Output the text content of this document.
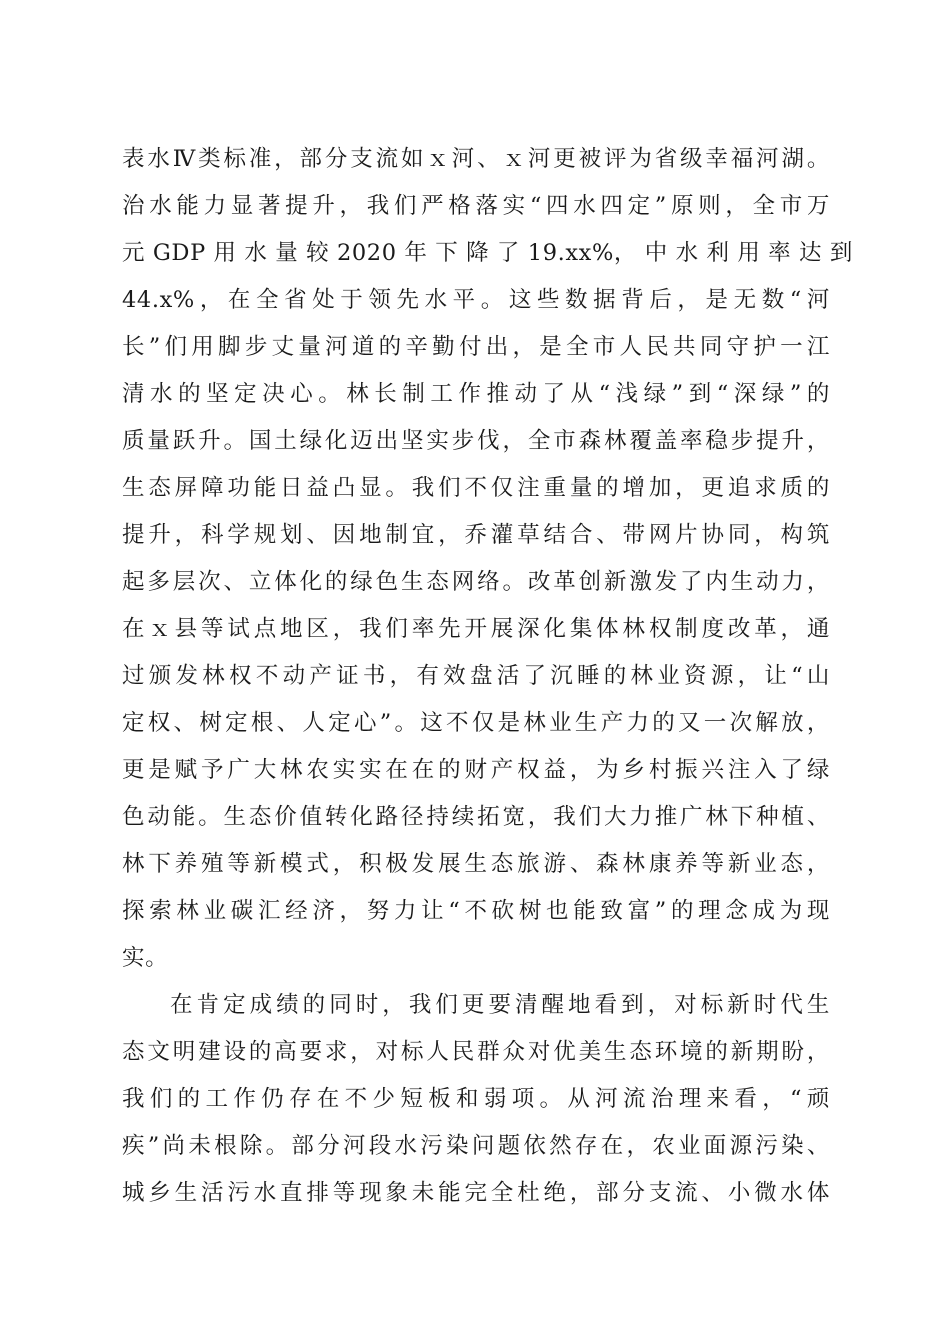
表水Ⅳ类标准，部分支流如ｘ河、ｘ河更被评为省级幸福河湖。
治水能力显著提升，我们严格落实“四水四定”原则，全市万
元 GDP 用 水 量 较 2020 年 下 降 了 19.xx%， 中 水 利 用 率 达 到
44.x%，在全省处于领先水平。这些数据背后，是无数“河
长”们用脚步丈量河道的辛勤付出，是全市人民共同守护一江
清水的坚定决心。林长制工作推动了从“浅绿”到“深绿”的
质量跃升。国土绿化迈出坚实步伐，全市森林覆盖率稳步提升，
生态屏障功能日益凸显。我们不仅注重量的增加，更追求质的
提升，科学规划、因地制宜，乔灌草结合、带网片协同，构筑
起多层次、立体化的绿色生态网络。改革创新激发了内生动力，
在ｘ县等试点地区，我们率先开展深化集体林权制度改革，通
过颁发林权不动产证书，有效盘活了沉睡的林业资源，让“山
定权、树定根、人定心”。这不仅是林业生产力的又一次解放，
更是赋予广大林农实实在在的财产权益，为乡村振兴注入了绿
色动能。生态价值转化路径持续拓宽，我们大力推广林下种植、
林下养殖等新模式，积极发展生态旅游、森林康养等新业态，
探索林业碳汇经济，努力让“不砍树也能致富”的理念成为现
实。
在肯定成绩的同时，我们更要清醒地看到，对标新时代生
态文明建设的高要求，对标人民群众对优美生态环境的新期盼，
我们的工作仍存在不少短板和弱项。从河流治理来看，“顽
疾”尚未根除。部分河段水污染问题依然存在，农业面源污染、
城乡生活污水直排等现象未能完全杜绝，部分支流、小微水体
